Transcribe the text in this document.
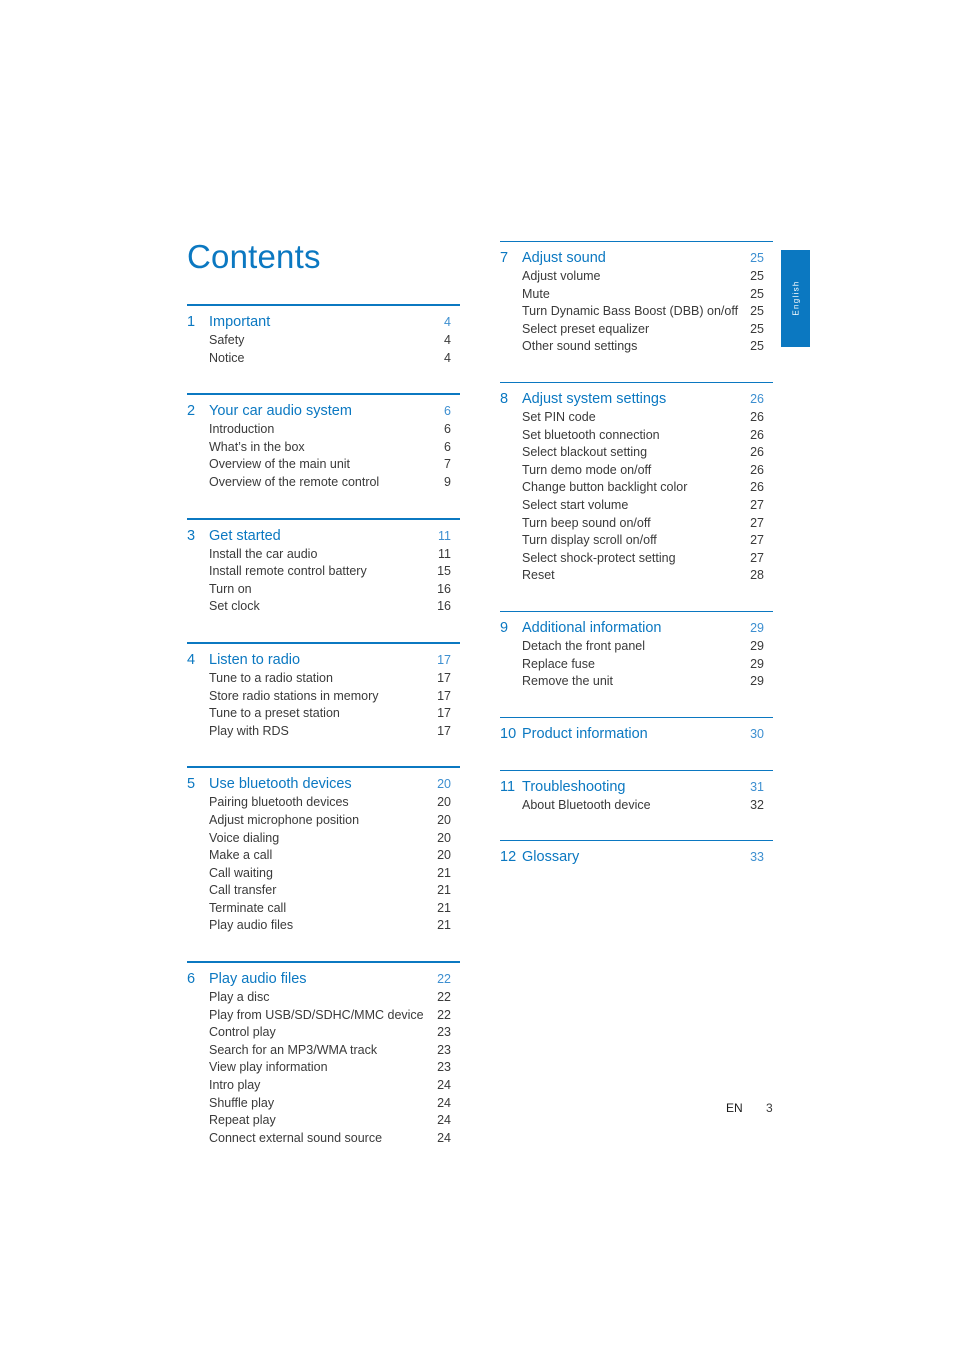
Contents
1 Important	4
Safety	4
Notice	4
2 Your car audio system	6
Introduction	6
What’s in the box	6
Overview of the main unit	7
Overview of the remote control	9
3 Get started	11
Install the car audio	11
Install remote control battery	15
Turn on	16
Set clock	16
4 Listen to radio	17
Tune to a radio station	17
Store radio stations in memory	17
Tune to a preset station	17
Play with RDS	17
5 Use bluetooth devices	20
Pairing bluetooth devices	20
Adjust microphone position	20
Voice dialing	20
Make a call	20
Call waiting	21
Call transfer	21
Terminate call	21
Play audio files	21
6 Play audio files	22
Play a disc	22
Play from USB/SD/SDHC/MMC device 22
Control play	23
Search for an MP3/WMA track	23
View play information	23
Intro play	24
Shuffle play	24
Repeat play	24
Connect external sound source	24
7 Adjust sound	25
Adjust volume	25
Mute	25
Turn Dynamic Bass Boost (DBB) on/off 25
Select preset equalizer	25
Other sound settings	25
8 Adjust system settings	26
Set PIN code	26
Set bluetooth connection	26
Select blackout setting	26
Turn demo mode on/off	26
Change button backlight color	26
Select start volume	27
Turn beep sound on/off	27
Turn display scroll on/off	27
Select shock-protect setting	27
Reset	28
9 Additional information	29
Detach the front panel	29
Replace fuse	29
Remove the unit	29
10 Product information	30
11 Troubleshooting	31
About Bluetooth device	32
12 Glossary	33
English
EN 3
